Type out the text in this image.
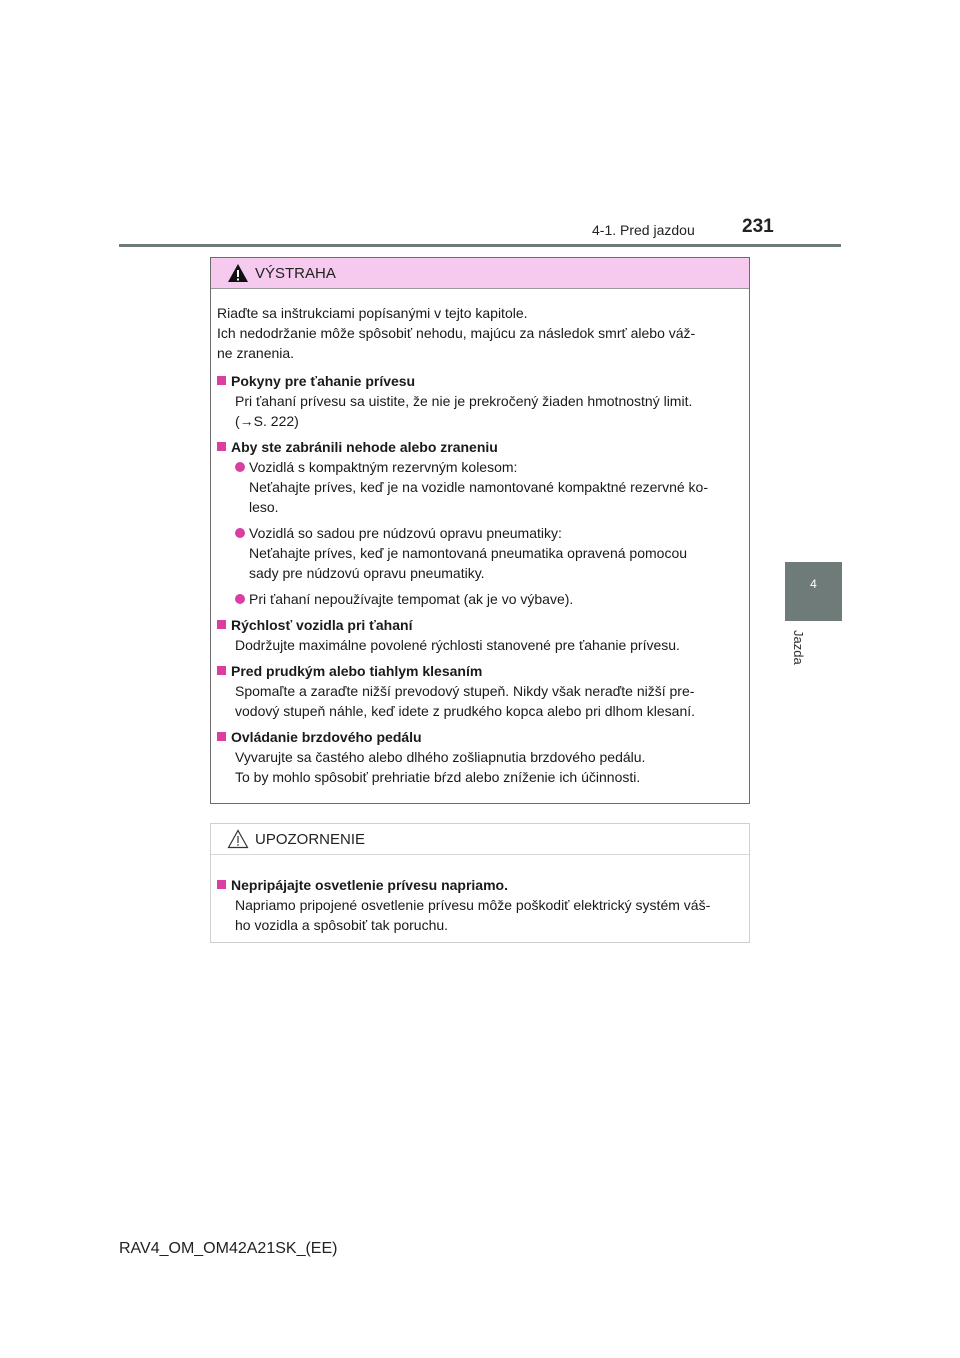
4-1. Pred jazdou 231
4
Jazda
VÝSTRAHA
Riaďte sa inštrukciami popísanými v tejto kapitole.
Ich nedodržanie môže spôsobiť nehodu, majúcu za následok smrť alebo váž-
ne zranenia.
Pokyny pre ťahanie prívesu
Pri ťahaní prívesu sa uistite, že nie je prekročený žiaden hmotnostný limit.
(→S. 222)
Aby ste zabránili nehode alebo zraneniu
Vozidlá s kompaktným rezervným kolesom:
Neťahajte príves, keď je na vozidle namontované kompaktné rezervné ko-
leso.
Vozidlá so sadou pre núdzovú opravu pneumatiky:
Neťahajte príves, keď je namontovaná pneumatika opravená pomocou
sady pre núdzovú opravu pneumatiky.
Pri ťahaní nepoužívajte tempomat (ak je vo výbave).
Rýchlosť vozidla pri ťahaní
Dodržujte maximálne povolené rýchlosti stanovené pre ťahanie prívesu.
Pred prudkým alebo tiahlym klesaním
Spomaľte a zaraďte nižší prevodový stupeň. Nikdy však neraďte nižší pre-
vodový stupeň náhle, keď idete z prudkého kopca alebo pri dlhom klesaní.
Ovládanie brzdového pedálu
Vyvarujte sa častého alebo dlhého zošliapnutia brzdového pedálu.
To by mohlo spôsobiť prehriatie bŕzd alebo zníženie ich účinnosti.
UPOZORNENIE
Nepripájajte osvetlenie prívesu napriamo.
Napriamo pripojené osvetlenie prívesu môže poškodiť elektrický systém váš-
ho vozidla a spôsobiť tak poruchu.
RAV4_OM_OM42A21SK_(EE)
